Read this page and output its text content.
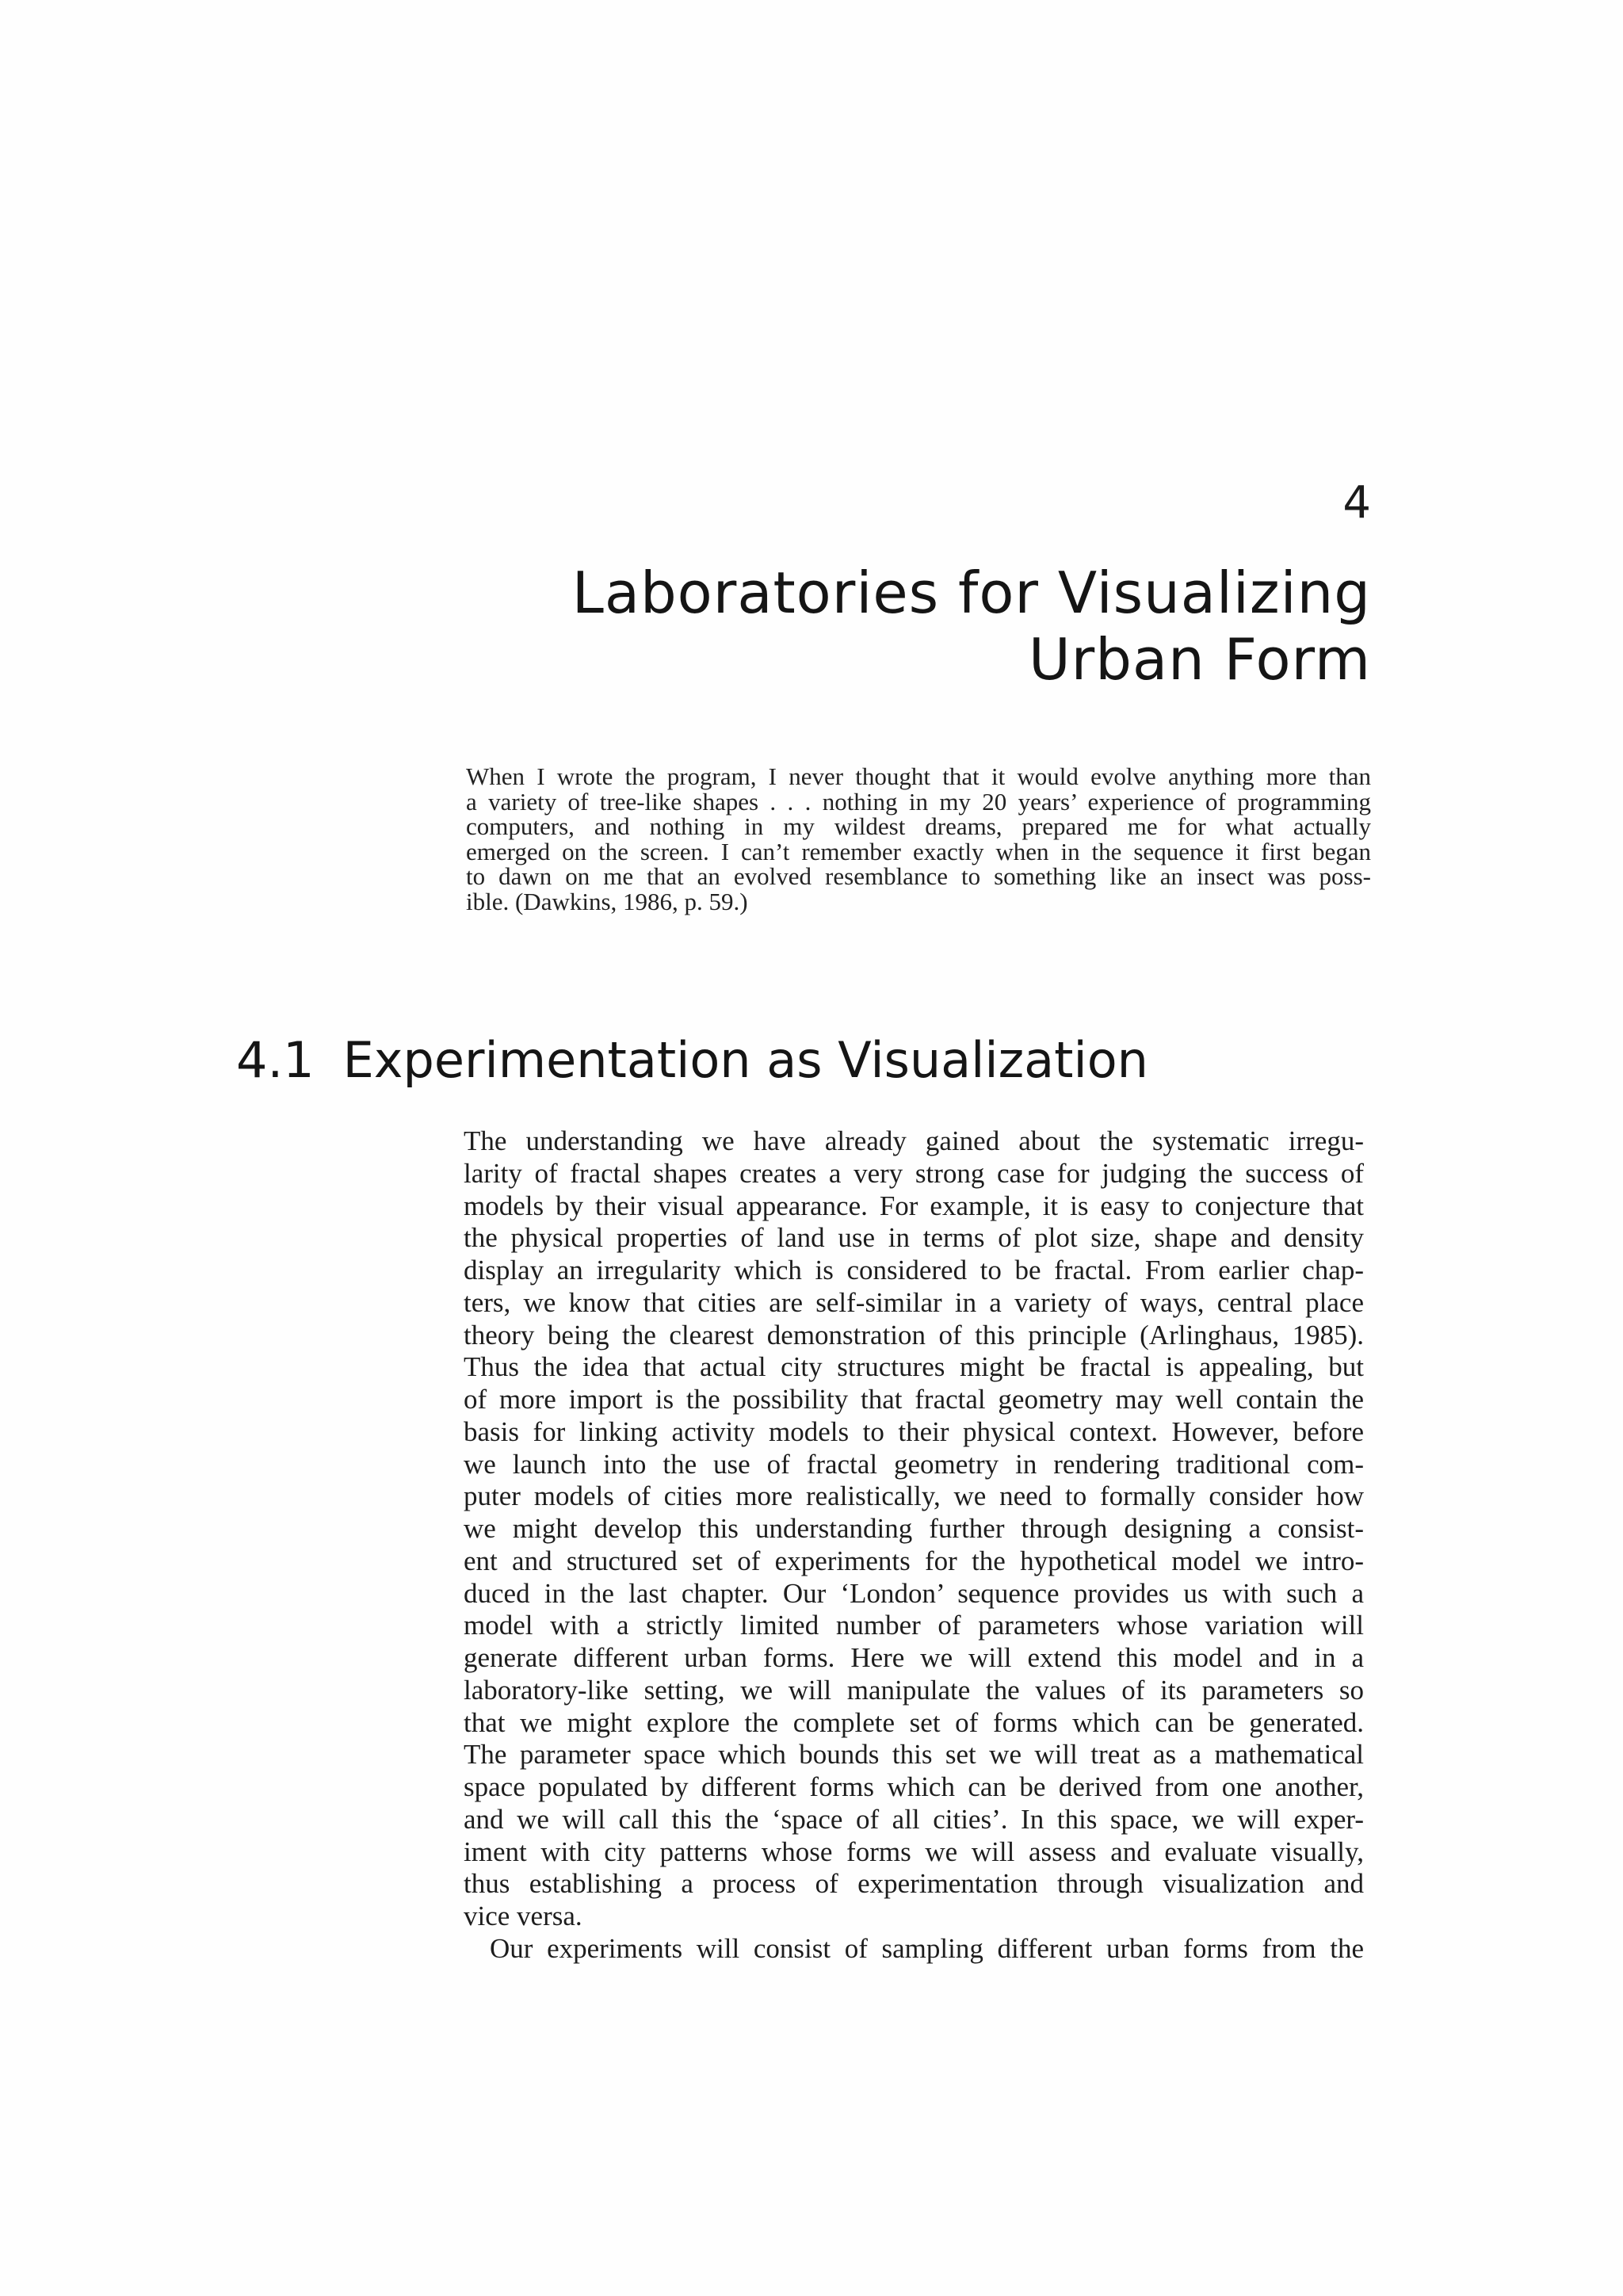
4
Laboratories for Visualizing
Urban Form
When I wrote the program, I never thought that it would evolve anything more than
a variety of tree-like shapes . . . nothing in my 20 years’ experience of programming
computers, and nothing in my wildest dreams, prepared me for what actually
emerged on the screen. I can’t remember exactly when in the sequence it first began
to dawn on me that an evolved resemblance to something like an insect was poss-
ible. (Dawkins, 1986, p. 59.)
4.1 Experimentation as Visualization
The understanding we have already gained about the systematic irregu-
larity of fractal shapes creates a very strong case for judging the success of
models by their visual appearance. For example, it is easy to conjecture that
the physical properties of land use in terms of plot size, shape and density
display an irregularity which is considered to be fractal. From earlier chap-
ters, we know that cities are self-similar in a variety of ways, central place
theory being the clearest demonstration of this principle (Arlinghaus, 1985).
Thus the idea that actual city structures might be fractal is appealing, but
of more import is the possibility that fractal geometry may well contain the
basis for linking activity models to their physical context. However, before
we launch into the use of fractal geometry in rendering traditional com-
puter models of cities more realistically, we need to formally consider how
we might develop this understanding further through designing a consist-
ent and structured set of experiments for the hypothetical model we intro-
duced in the last chapter. Our ‘London’ sequence provides us with such a
model with a strictly limited number of parameters whose variation will
generate different urban forms. Here we will extend this model and in a
laboratory-like setting, we will manipulate the values of its parameters so
that we might explore the complete set of forms which can be generated.
The parameter space which bounds this set we will treat as a mathematical
space populated by different forms which can be derived from one another,
and we will call this the ‘space of all cities’. In this space, we will exper-
iment with city patterns whose forms we will assess and evaluate visually,
thus establishing a process of experimentation through visualization and
vice versa.
Our experiments will consist of sampling different urban forms from the
